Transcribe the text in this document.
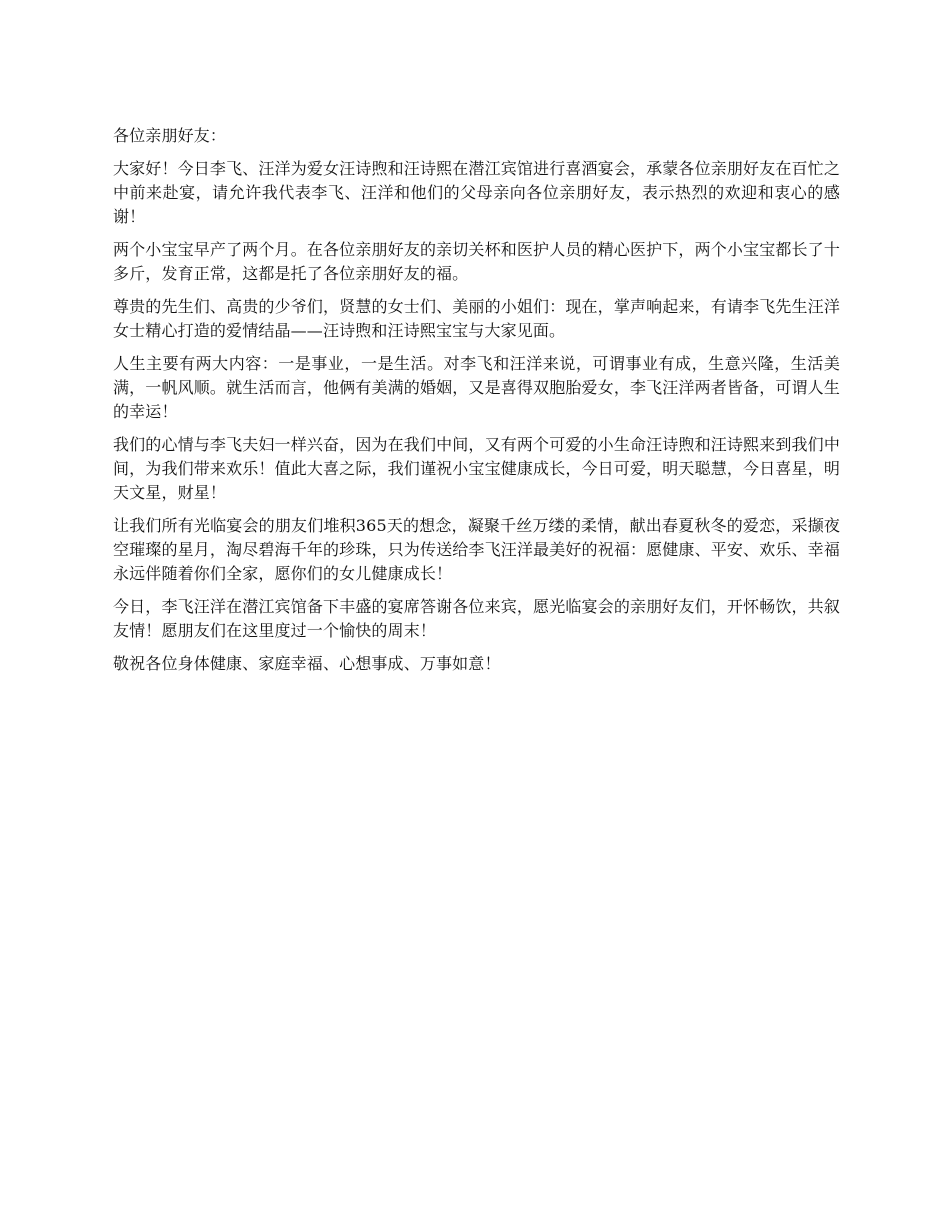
各位亲朋好友：

大家好！今日李飞、汪洋为爱女汪诗煦和汪诗熙在潜江宾馆进行喜酒宴会，承蒙各位亲朋好友在百忙之中前来赴宴，请允许我代表李飞、汪洋和他们的父母亲向各位亲朋好友，表示热烈的欢迎和衷心的感谢！

两个小宝宝早产了两个月。在各位亲朋好友的亲切关杯和医护人员的精心医护下，两个小宝宝都长了十多斤，发育正常，这都是托了各位亲朋好友的福。

尊贵的先生们、高贵的少爷们，贤慧的女士们、美丽的小姐们：现在，掌声响起来，有请李飞先生汪洋女士精心打造的爱情结晶——汪诗煦和汪诗熙宝宝与大家见面。

人生主要有两大内容：一是事业，一是生活。对李飞和汪洋来说，可谓事业有成，生意兴隆，生活美满，一帆风顺。就生活而言，他俩有美满的婚姻，又是喜得双胞胎爱女，李飞汪洋两者皆备，可谓人生的幸运！

我们的心情与李飞夫妇一样兴奋，因为在我们中间，又有两个可爱的小生命汪诗煦和汪诗熙来到我们中间，为我们带来欢乐！值此大喜之际，我们谨祝小宝宝健康成长，今日可爱，明天聪慧，今日喜星，明天文星，财星！

让我们所有光临宴会的朋友们堆积365天的想念，凝聚千丝万缕的柔情，献出春夏秋冬的爱恋，采撷夜空璀璨的星月，淘尽碧海千年的珍珠，只为传送给李飞汪洋最美好的祝福：愿健康、平安、欢乐、幸福永远伴随着你们全家，愿你们的女儿健康成长！

今日，李飞汪洋在潜江宾馆备下丰盛的宴席答谢各位来宾，愿光临宴会的亲朋好友们，开怀畅饮，共叙友情！愿朋友们在这里度过一个愉快的周末！

敬祝各位身体健康、家庭幸福、心想事成、万事如意！
